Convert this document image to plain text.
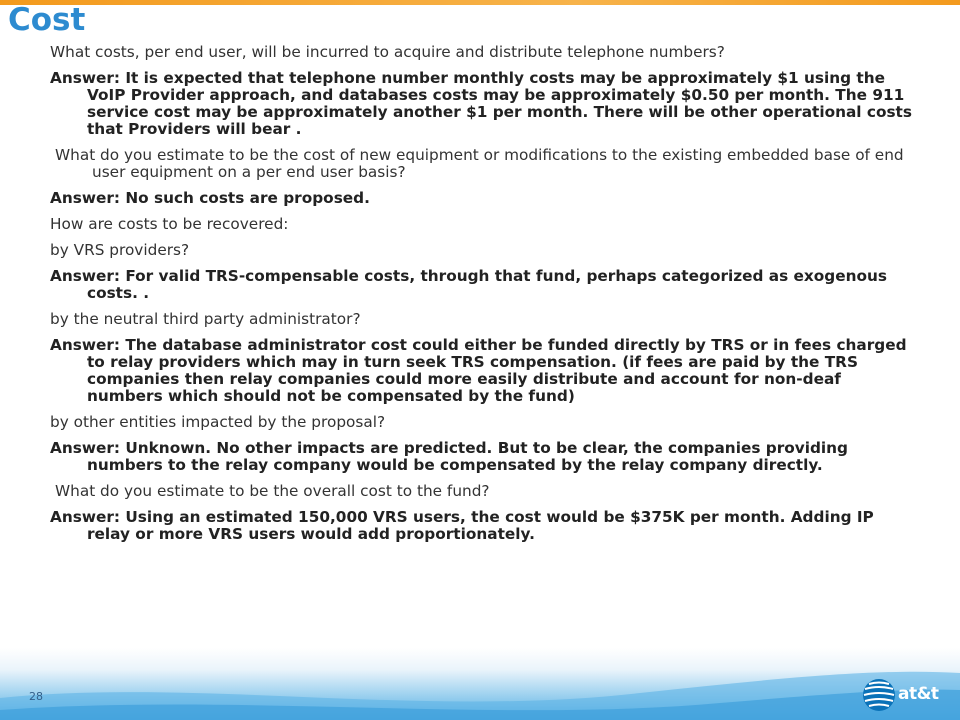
Cost

What costs, per end user, will be incurred to acquire and distribute telephone numbers?

Answer: It is expected that telephone number monthly costs may be approximately $1 using the VoIP Provider approach, and databases costs may be approximately $0.50 per month. The 911 service cost may be approximately another $1 per month. There will be other operational costs that Providers will bear .

What do you estimate to be the cost of new equipment or modifications to the existing embedded base of end user equipment on a per end user basis?

Answer: No such costs are proposed.

How are costs to be recovered:

by VRS providers?

Answer: For valid TRS-compensable costs, through that fund, perhaps categorized as exogenous costs. .

by the neutral third party administrator?

Answer: The database administrator cost could either be funded directly by TRS or in fees charged to relay providers which may in turn seek TRS compensation. (if fees are paid by the TRS companies then relay companies could more easily distribute and account for non-deaf numbers which should not be compensated by the fund)

by other entities impacted by the proposal?

Answer: Unknown. No other impacts are predicted. But to be clear, the companies providing numbers to the relay company would be compensated by the relay company directly.

What do you estimate to be the overall cost to the fund?

Answer: Using an estimated 150,000 VRS users, the cost would be $375K per month. Adding IP relay or more VRS users would add proportionately.

28	at&t
